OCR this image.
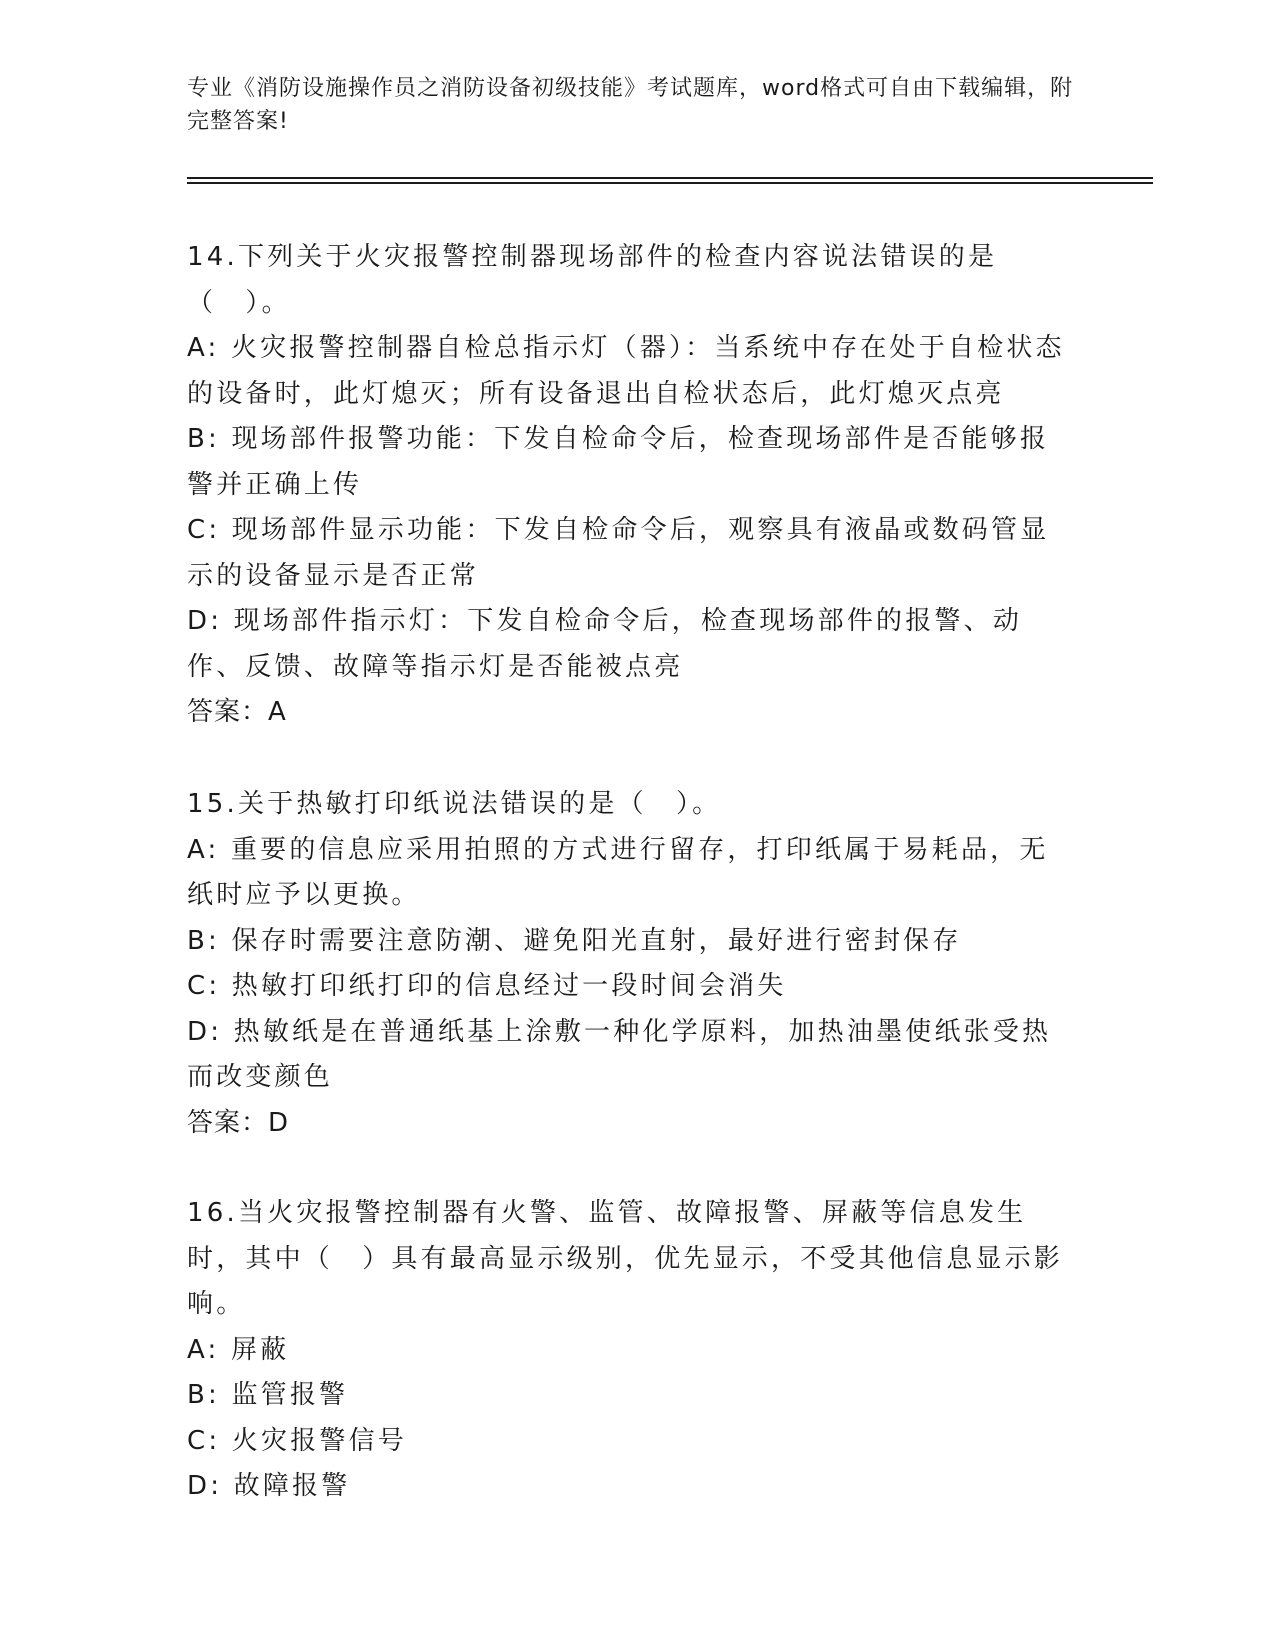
专业《消防设施操作员之消防设备初级技能》考试题库，word格式可自由下载编辑，附完整答案!

14.下列关于火灾报警控制器现场部件的检查内容说法错误的是（　）。

A: 火灾报警控制器自检总指示灯（器）：当系统中存在处于自检状态的设备时，此灯熄灭；所有设备退出自检状态后，此灯熄灭点亮

B: 现场部件报警功能：下发自检命令后，检查现场部件是否能够报警并正确上传

C: 现场部件显示功能：下发自检命令后，观察具有液晶或数码管显示的设备显示是否正常

D: 现场部件指示灯：下发自检命令后，检查现场部件的报警、动作、反馈、故障等指示灯是否能被点亮

答案：A

15.关于热敏打印纸说法错误的是（　）。

A: 重要的信息应采用拍照的方式进行留存，打印纸属于易耗品，无纸时应予以更换。

B: 保存时需要注意防潮、避免阳光直射，最好进行密封保存

C: 热敏打印纸打印的信息经过一段时间会消失

D: 热敏纸是在普通纸基上涂敷一种化学原料，加热油墨使纸张受热而改变颜色

答案：D

16.当火灾报警控制器有火警、监管、故障报警、屏蔽等信息发生时，其中（　）具有最高显示级别，优先显示，不受其他信息显示影响。

A: 屏蔽

B: 监管报警

C: 火灾报警信号

D: 故障报警
